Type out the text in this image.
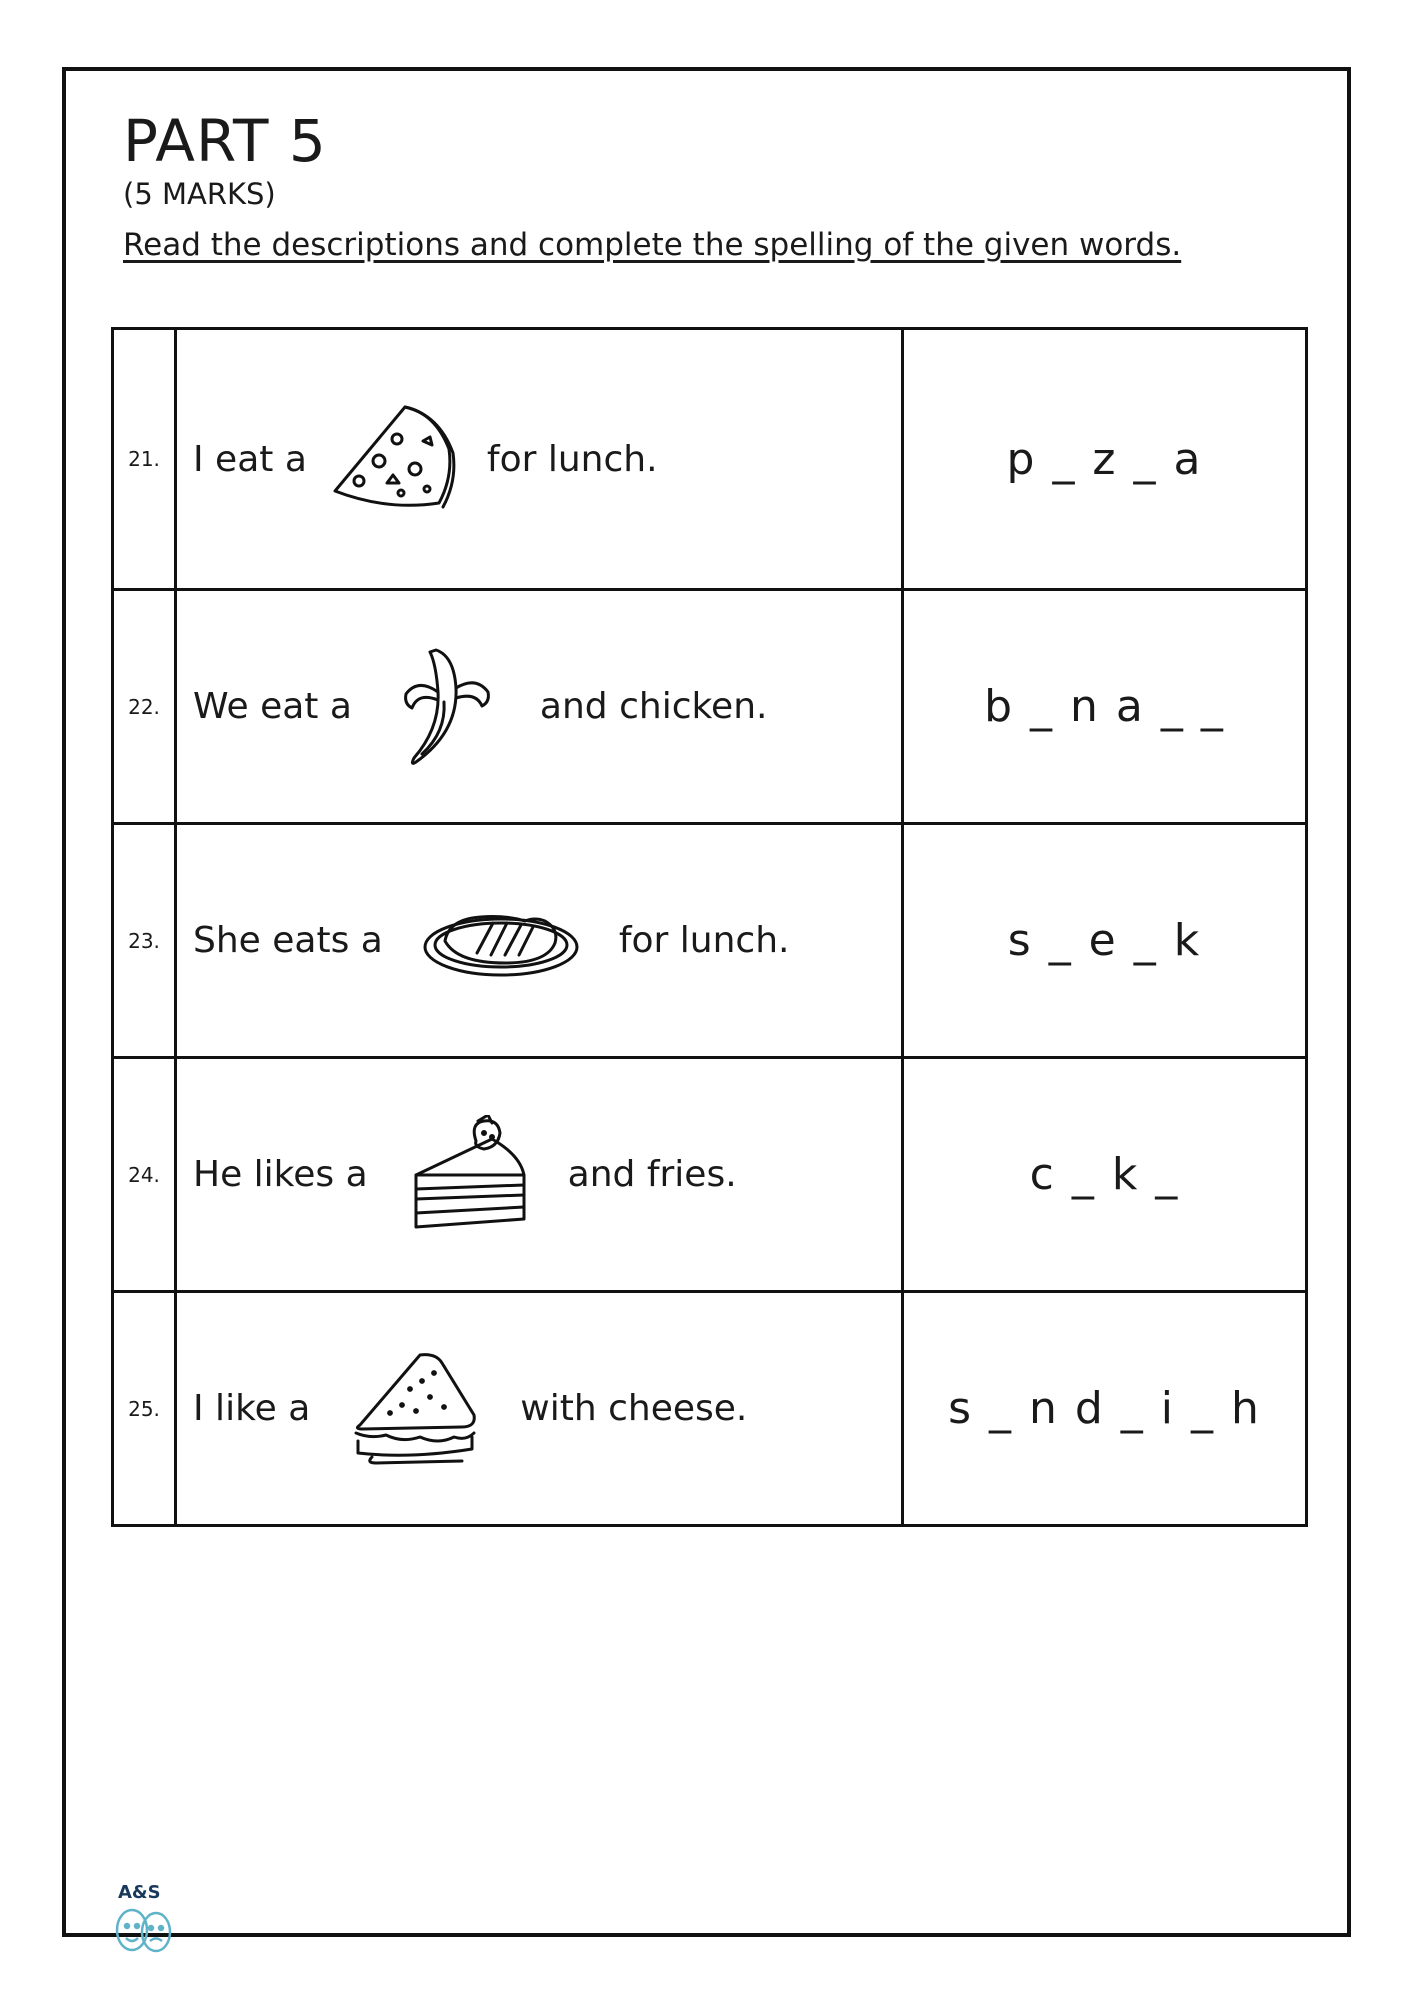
PART 5
(5 MARKS)
Read the descriptions and complete the spelling of the given words.
21.	I eat a for lunch.	p _ z _ a
22.	We eat a and chicken.	b _ n a _ _
23.	She eats a for lunch.	s _ e _ k
24.	He likes a and fries.	c _ k _
25.	I like a with cheese.	s _ n d _ i _ h
A&S
